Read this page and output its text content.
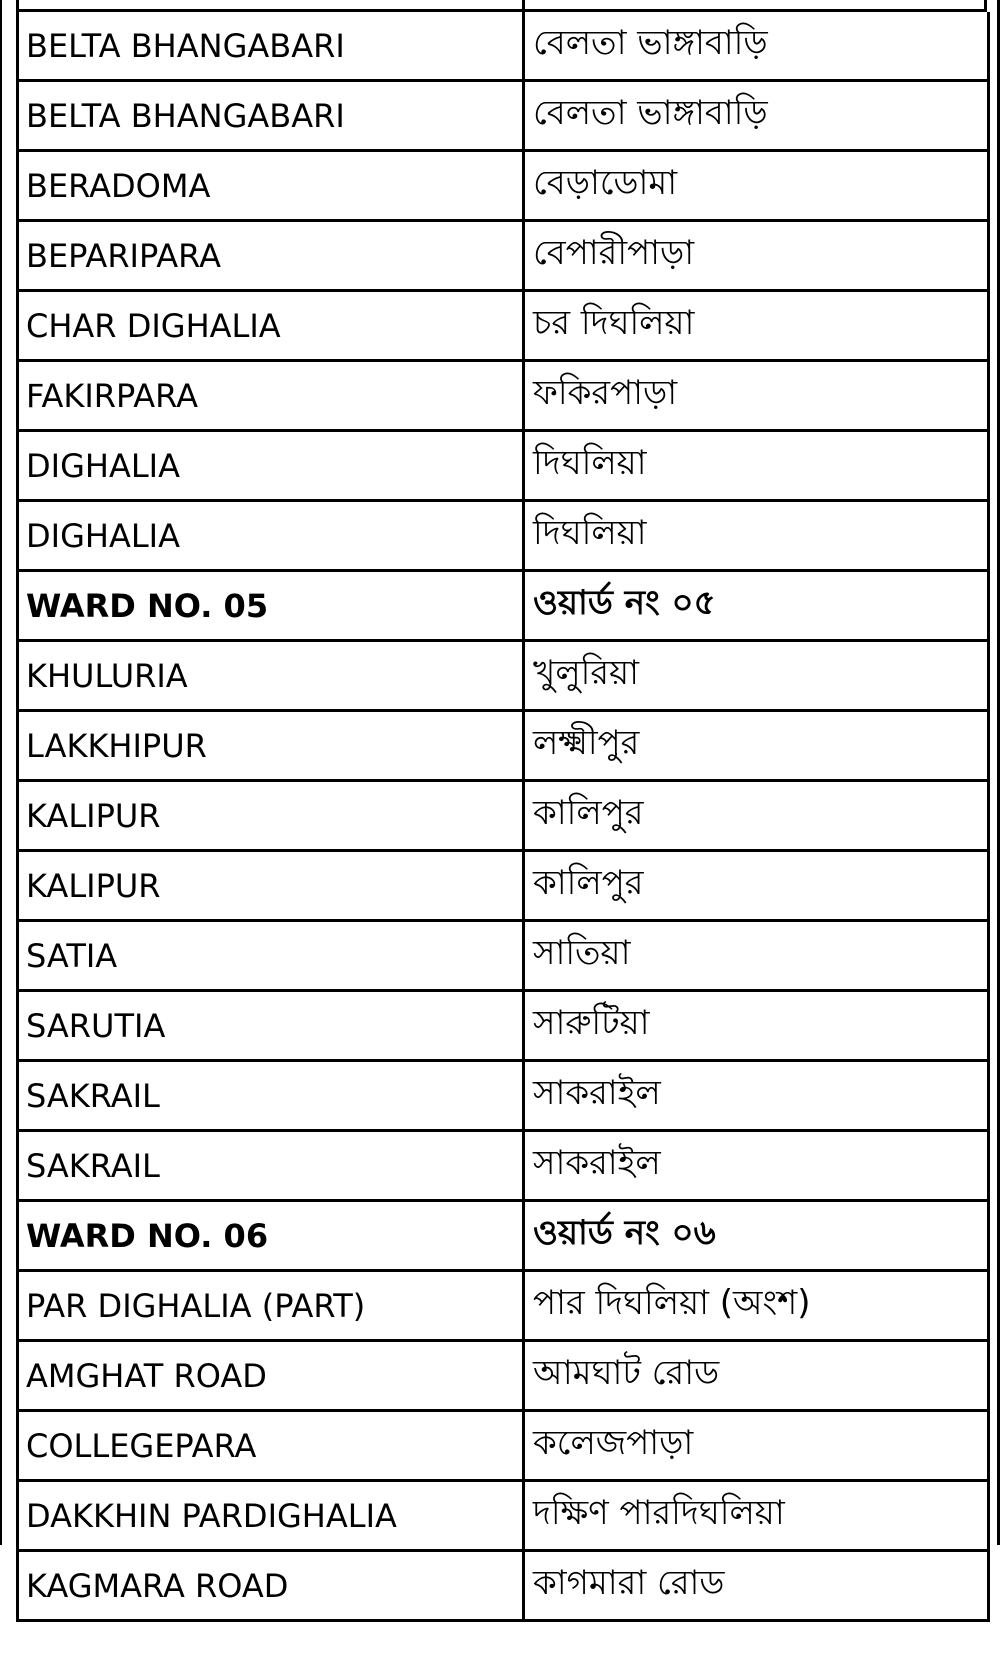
BELTA BHANGABARI	বেলতা ভাঙ্গাবাড়ি
BELTA BHANGABARI	বেলতা ভাঙ্গাবাড়ি
BERADOMA	বেড়াডোমা
BEPARIPARA	বেপারীপাড়া
CHAR DIGHALIA	চর দিঘলিয়া
FAKIRPARA	ফকিরপাড়া
DIGHALIA	দিঘলিয়া
DIGHALIA	দিঘলিয়া
WARD NO. 05	ওয়ার্ড নং ০৫
KHULURIA	খুলুরিয়া
LAKKHIPUR	লক্ষ্মীপুর
KALIPUR	কালিপুর
KALIPUR	কালিপুর
SATIA	সাতিয়া
SARUTIA	সারুটিয়া
SAKRAIL	সাকরাইল
SAKRAIL	সাকরাইল
WARD NO. 06	ওয়ার্ড নং ০৬
PAR DIGHALIA (PART)	পার দিঘলিয়া (অংশ)
AMGHAT ROAD	আমঘাট রোড
COLLEGEPARA	কলেজপাড়া
DAKKHIN PARDIGHALIA	দক্ষিণ পারদিঘলিয়া
KAGMARA ROAD	কাগমারা রোড
